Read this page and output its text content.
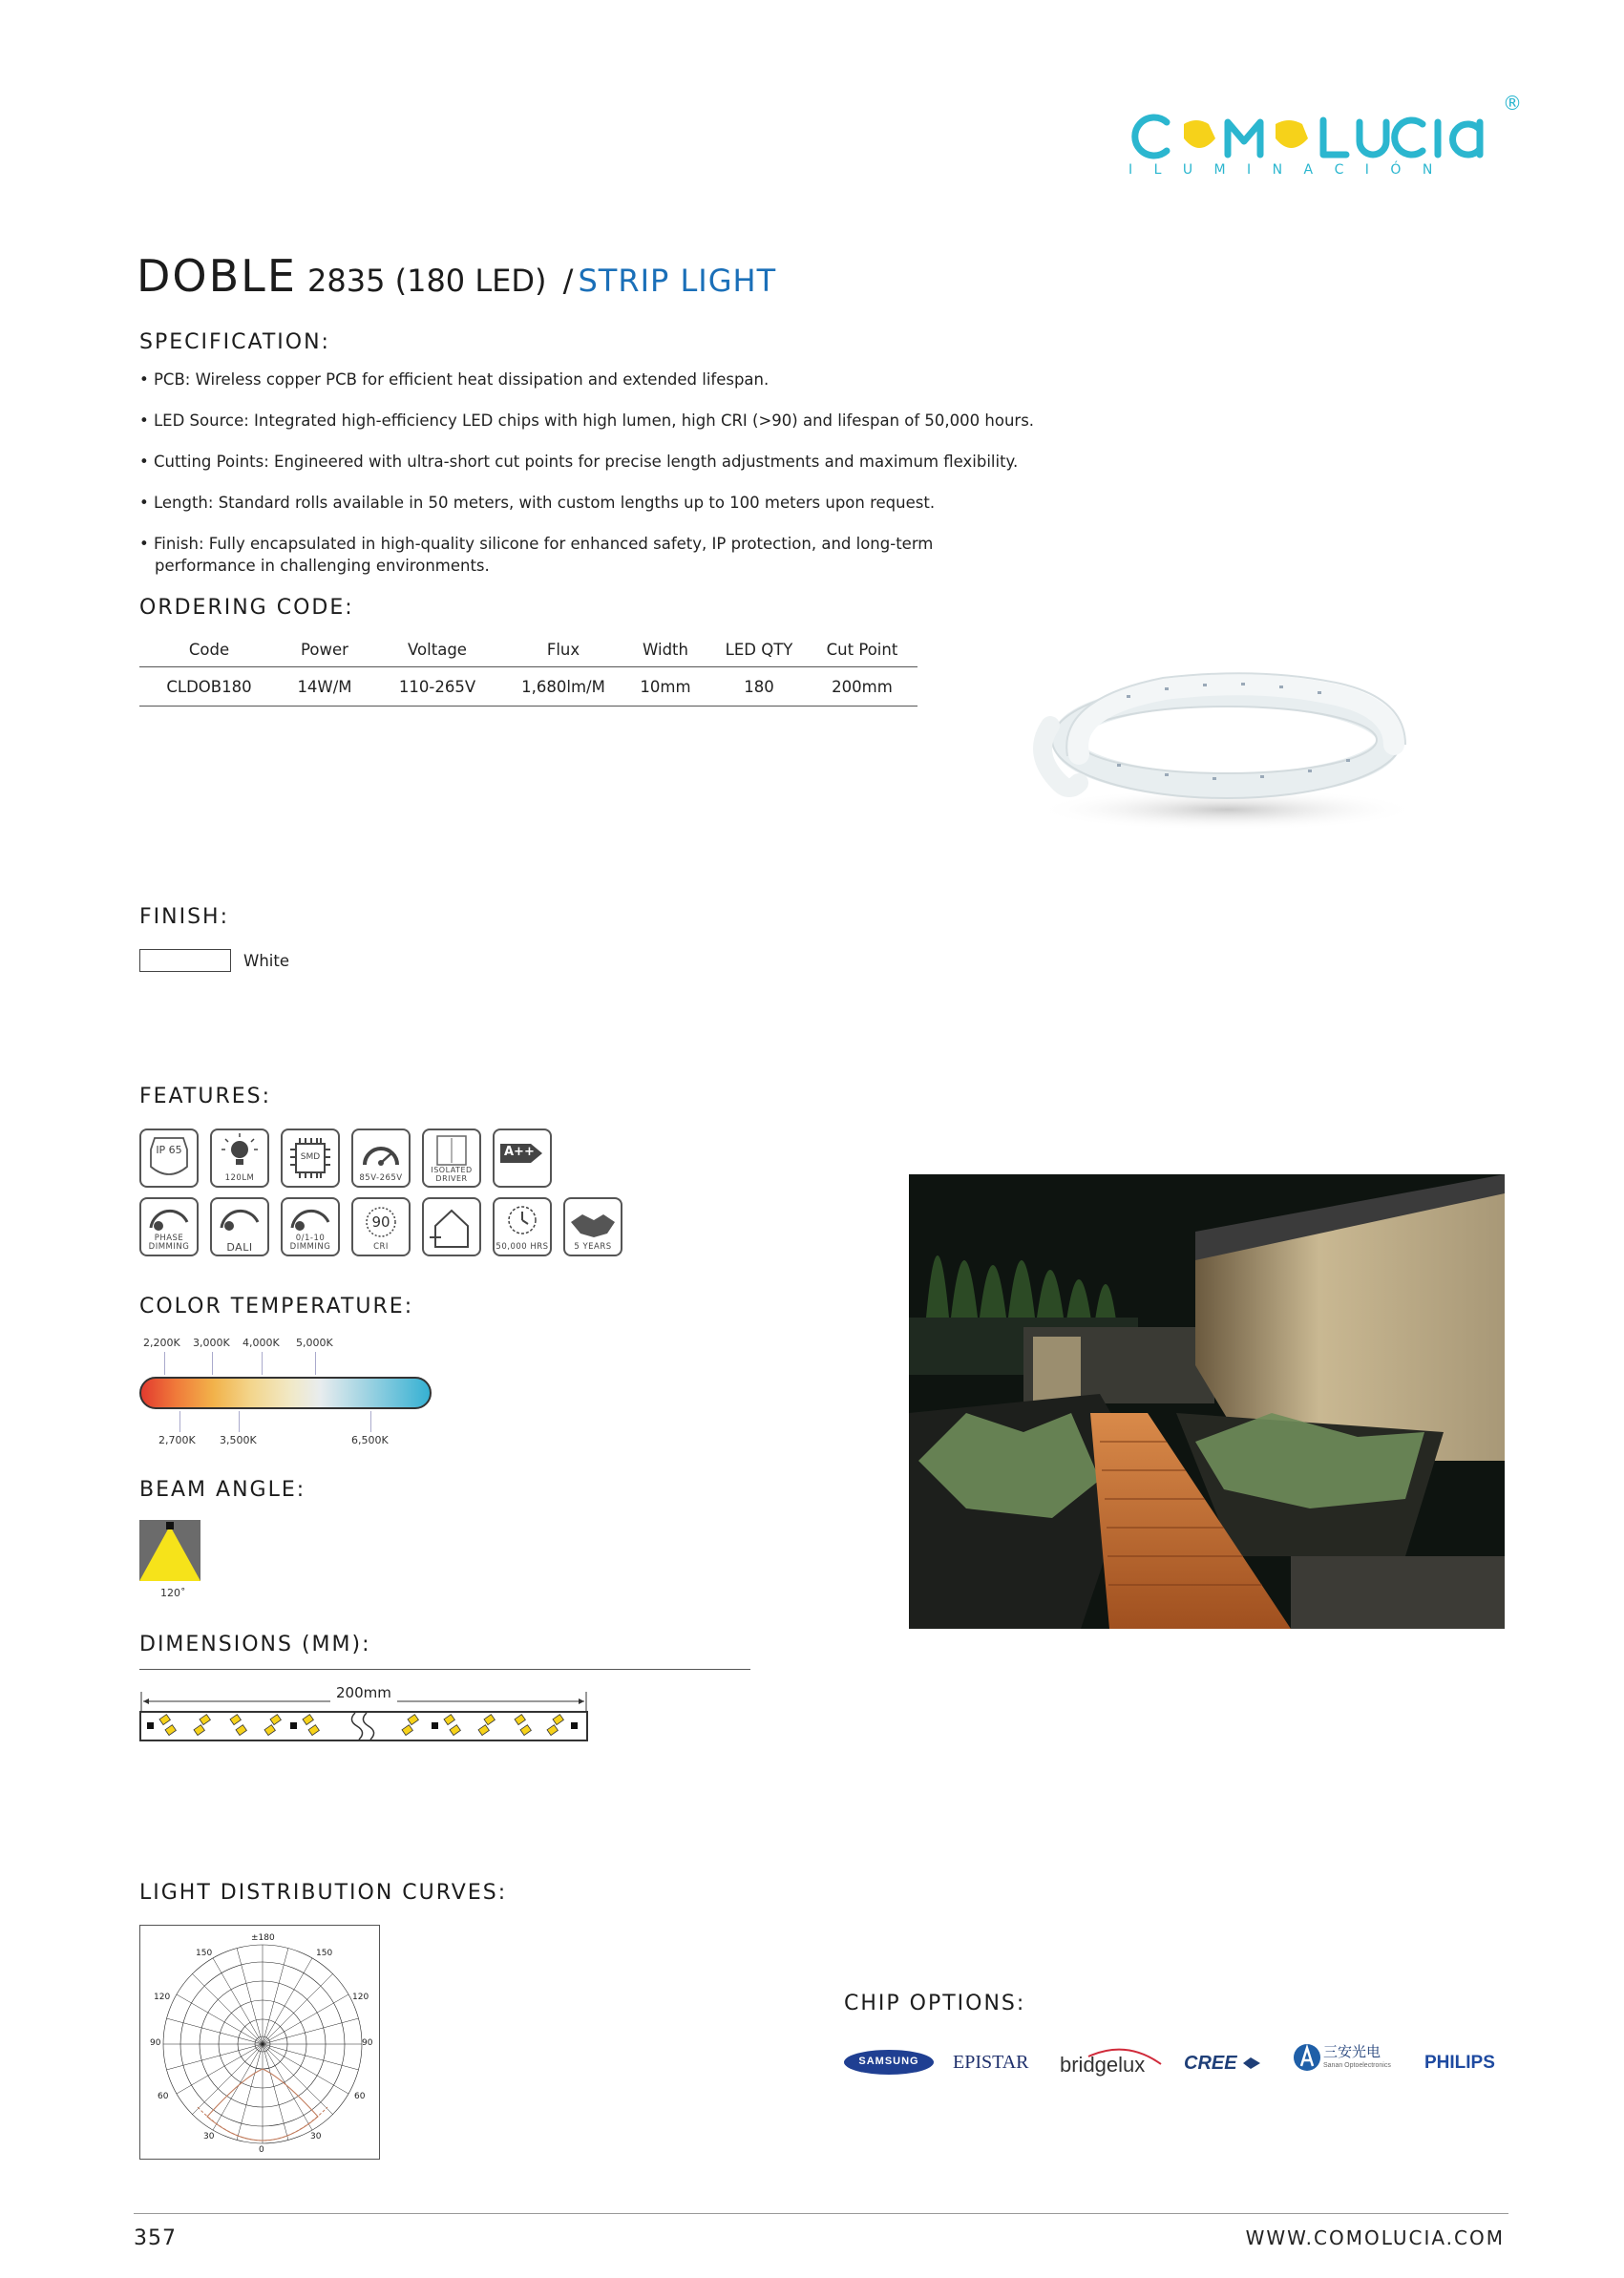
®
I L U M I N A C I Ó N
DOBLE 2835 (180 LED) / STRIP LIGHT
SPECIFICATION:
• PCB: Wireless copper PCB for efficient heat dissipation and extended lifespan.
• LED Source: Integrated high-efficiency LED chips with high lumen, high CRI (>90) and lifespan of 50,000 hours.
• Cutting Points: Engineered with ultra-short cut points for precise length adjustments and maximum flexibility.
• Length: Standard rolls available in 50 meters, with custom lengths up to 100 meters upon request.
• Finish: Fully encapsulated in high-quality silicone for enhanced safety, IP protection, and long-term
performance in challenging environments.
ORDERING CODE:
Code	Power	Voltage	Flux	Width	LED QTY	Cut Point
CLDOB180	14W/M	110-265V	1,680lm/M	10mm	180	200mm
FINISH:
White
FEATURES:
IP 65
120LM
SMD
85V-265V
ISOLATED DRIVER
A++
PHASE DIMMING	DALI
0/1-10 DIMMING
90
CRI	50,000 HRS	5 YEARS
COLOR TEMPERATURE:
2,200K 3,000K 4,000K 5,000K
2,700K 3,500K	6,500K
BEAM ANGLE:
120˚
DIMENSIONS (MM):
200mm
LIGHT DISTRIBUTION CURVES:
±180
150	150
120	120
90	90
60	60
30	30
0
CHIP OPTIONS:
SAMSUNG	EPISTAR bridgelux CREE
三安光电
Sanan Optoelectronics PHILIPS
357	WWW.COMOLUCIA.COM
